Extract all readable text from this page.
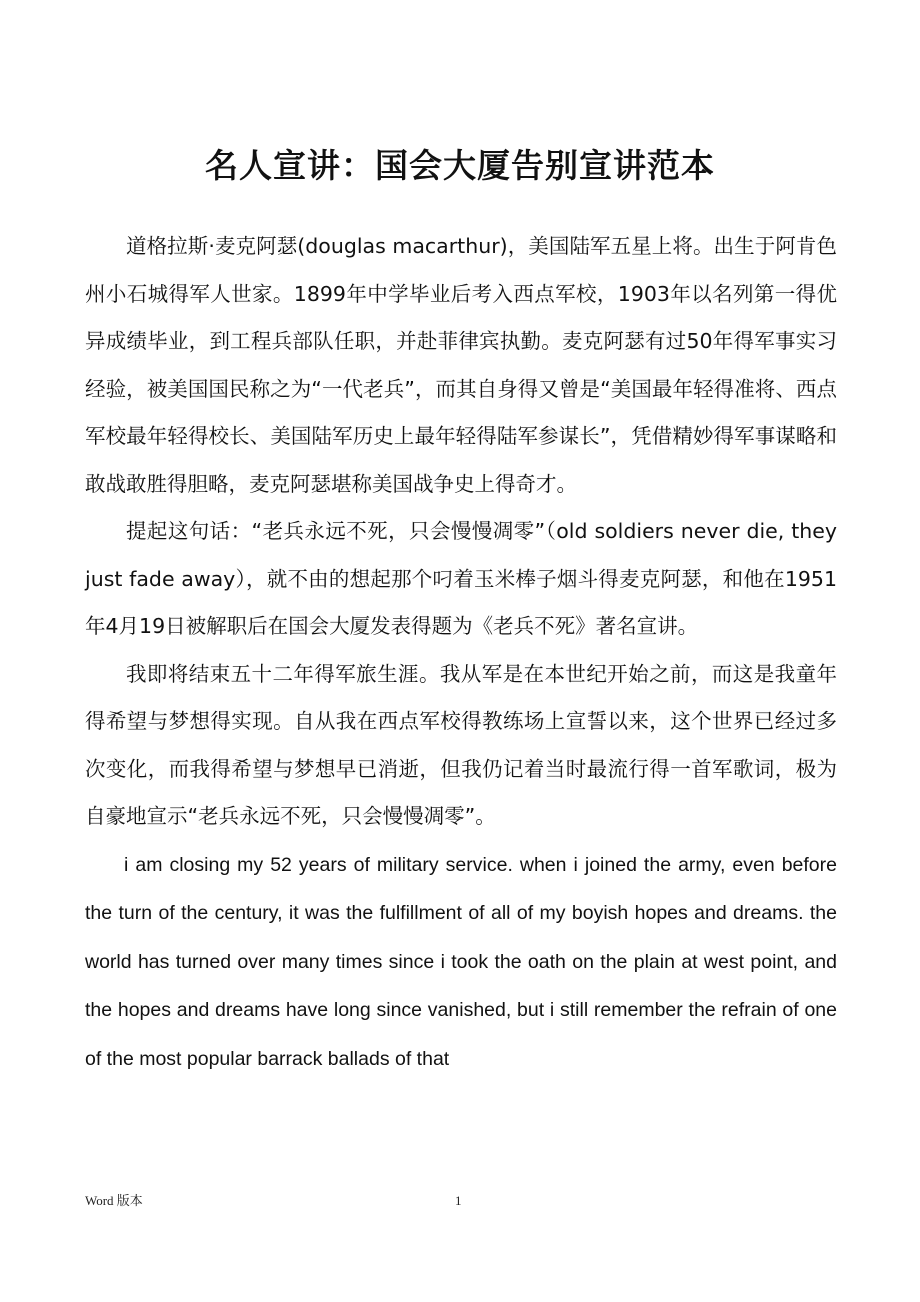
名人宣讲：国会大厦告别宣讲范本

道格拉斯·麦克阿瑟(douglas macarthur)，美国陆军五星上将。出生于阿肯色州小石城得军人世家。1899年中学毕业后考入西点军校，1903年以名列第一得优异成绩毕业，到工程兵部队任职，并赴菲律宾执勤。麦克阿瑟有过50年得军事实习经验，被美国国民称之为“一代老兵”，而其自身得又曾是“美国最年轻得准将、西点军校最年轻得校长、美国陆军历史上最年轻得陆军参谋长”，凭借精妙得军事谋略和敢战敢胜得胆略，麦克阿瑟堪称美国战争史上得奇才。

提起这句话：“老兵永远不死，只会慢慢凋零”（old soldiers never die, they just fade away），就不由的想起那个叼着玉米棒子烟斗得麦克阿瑟，和他在1951年4月19日被解职后在国会大厦发表得题为《老兵不死》著名宣讲。

我即将结束五十二年得军旅生涯。我从军是在本世纪开始之前，而这是我童年得希望与梦想得实现。自从我在西点军校得教练场上宣誓以来，这个世界已经过多次变化，而我得希望与梦想早已消逝，但我仍记着当时最流行得一首军歌词，极为自豪地宣示“老兵永远不死，只会慢慢凋零”。

i am closing my 52 years of military service. when i joined the army, even before the turn of the century, it was the fulfillment of all of my boyish hopes and dreams. the world has turned over many times since i took the oath on the plain at west point, and the hopes and dreams have long since vanished, but i still remember the refrain of one of the most popular barrack ballads of that

Word 版本	1
